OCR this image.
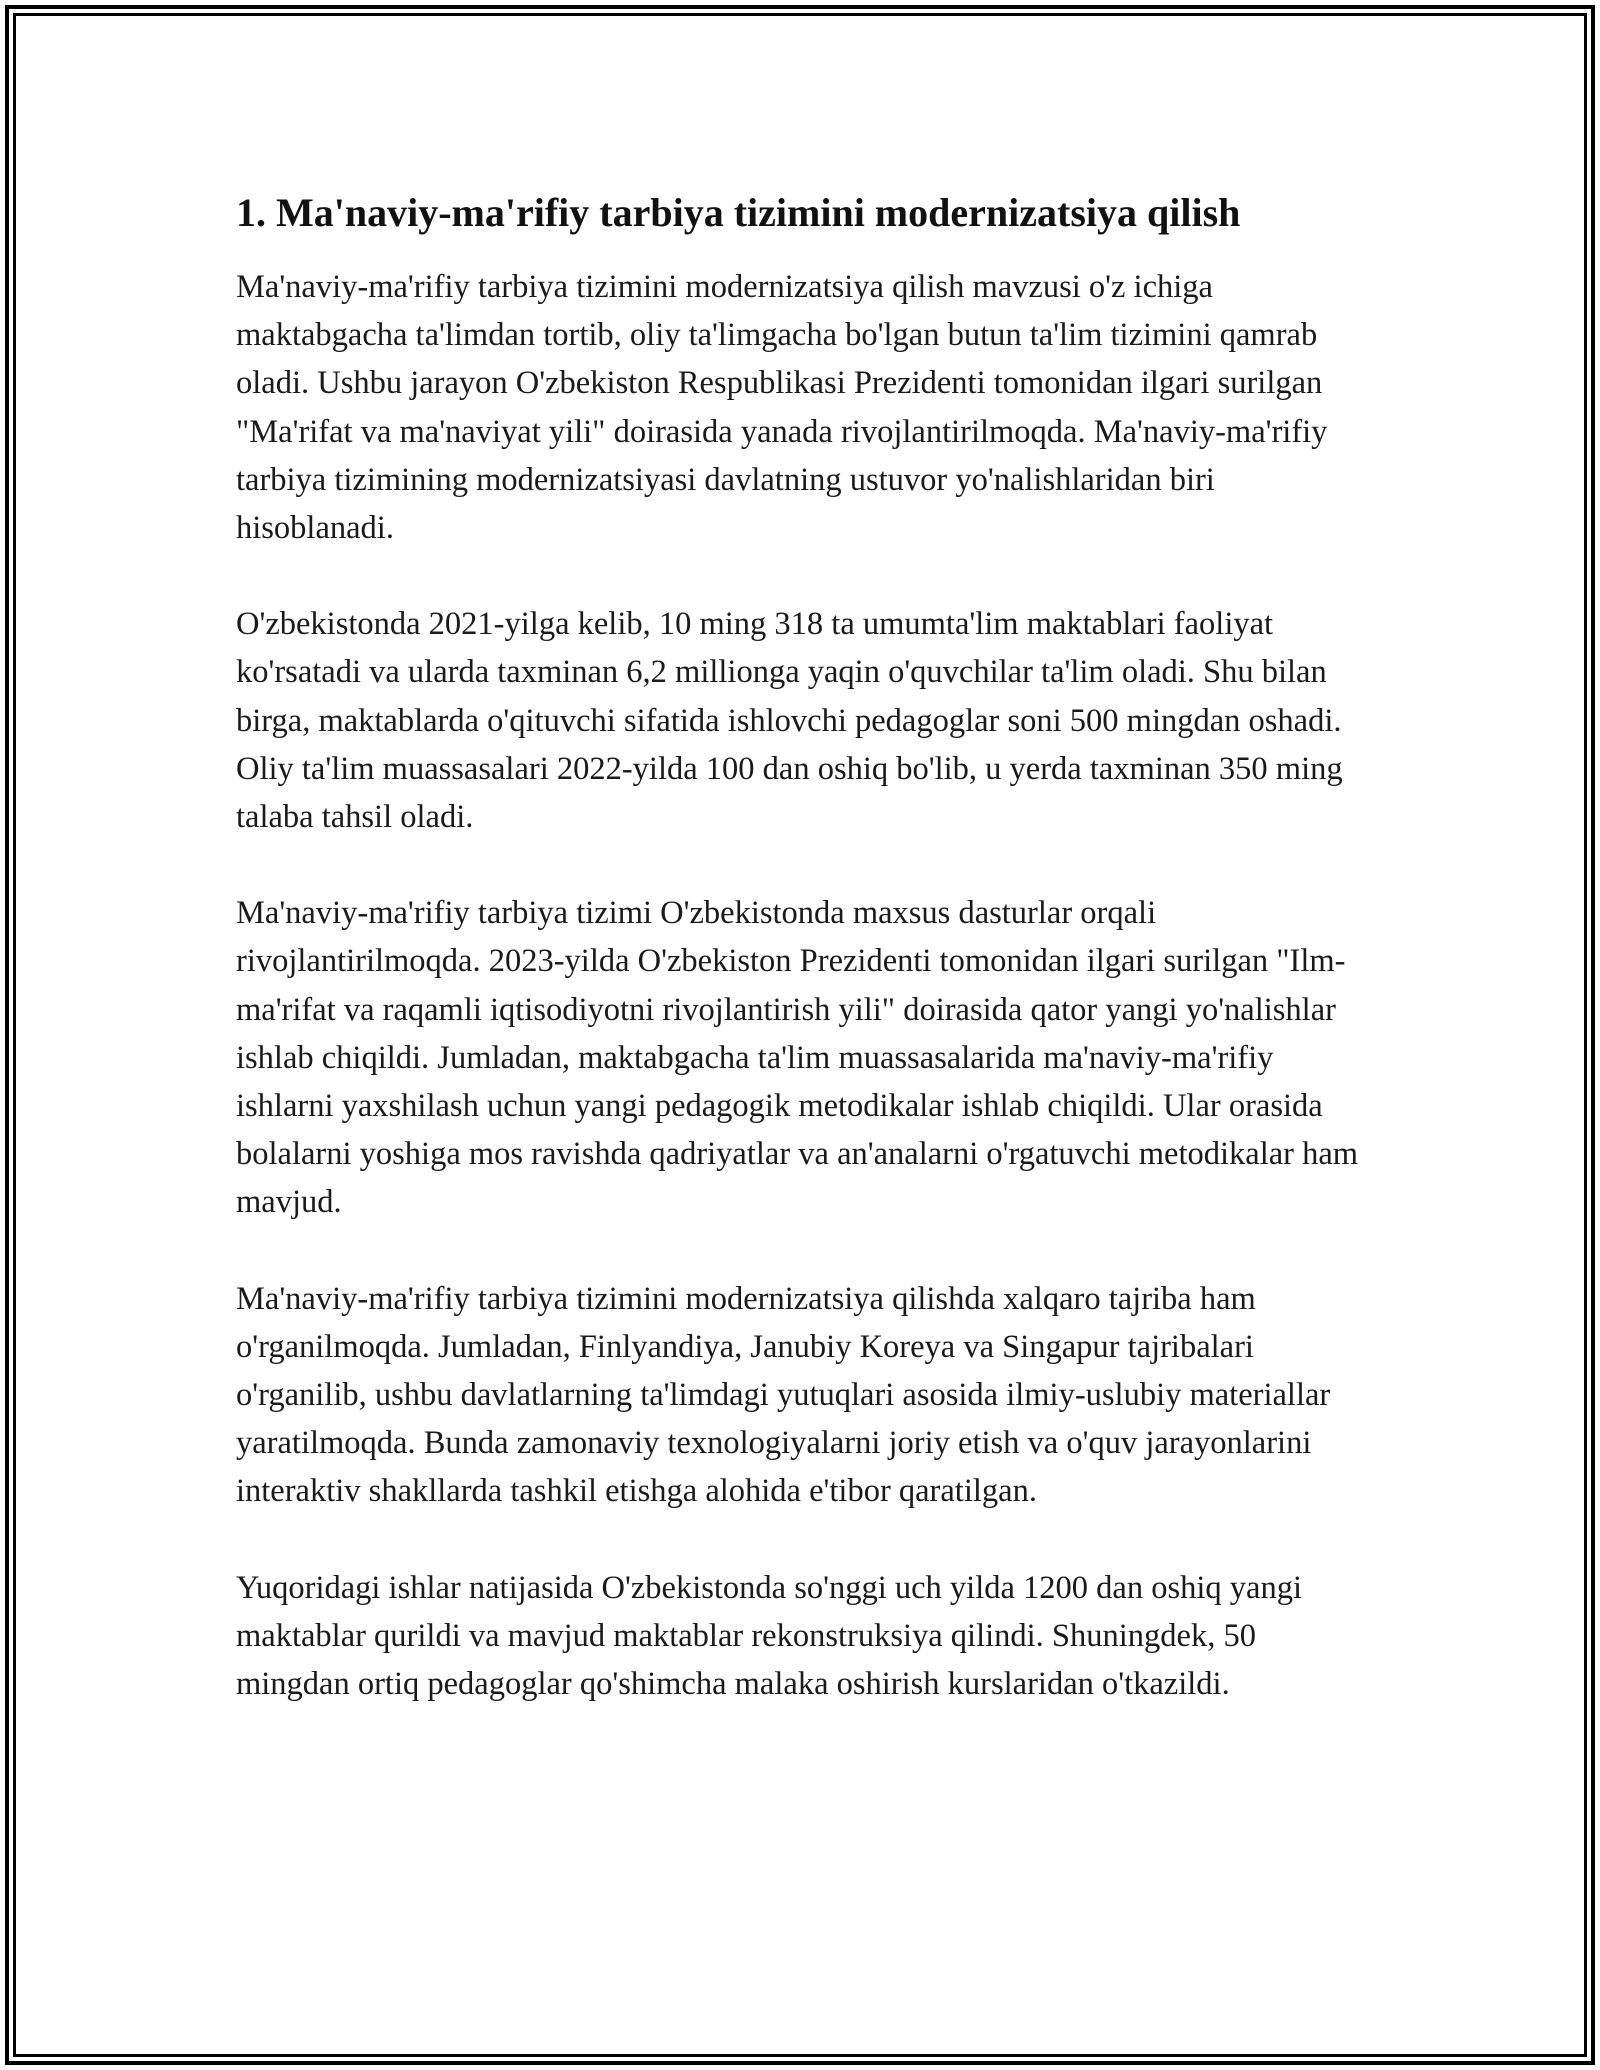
1. Ma'naviy-ma'rifiy tarbiya tizimini modernizatsiya qilish

Ma'naviy-ma'rifiy tarbiya tizimini modernizatsiya qilish mavzusi o'z ichiga maktabgacha ta'limdan tortib, oliy ta'limgacha bo'lgan butun ta'lim tizimini qamrab oladi. Ushbu jarayon O'zbekiston Respublikasi Prezidenti tomonidan ilgari surilgan "Ma'rifat va ma'naviyat yili" doirasida yanada rivojlantirilmoqda. Ma'naviy-ma'rifiy tarbiya tizimining modernizatsiyasi davlatning ustuvor yo'nalishlaridan biri hisoblanadi.

O'zbekistonda 2021-yilga kelib, 10 ming 318 ta umumta'lim maktablari faoliyat ko'rsatadi va ularda taxminan 6,2 millionga yaqin o'quvchilar ta'lim oladi. Shu bilan birga, maktablarda o'qituvchi sifatida ishlovchi pedagoglar soni 500 mingdan oshadi. Oliy ta'lim muassasalari 2022-yilda 100 dan oshiq bo'lib, u yerda taxminan 350 ming talaba tahsil oladi.

Ma'naviy-ma'rifiy tarbiya tizimi O'zbekistonda maxsus dasturlar orqali rivojlantirilmoqda. 2023-yilda O'zbekiston Prezidenti tomonidan ilgari surilgan "Ilm-ma'rifat va raqamli iqtisodiyotni rivojlantirish yili" doirasida qator yangi yo'nalishlar ishlab chiqildi. Jumladan, maktabgacha ta'lim muassasalarida ma'naviy-ma'rifiy ishlarni yaxshilash uchun yangi pedagogik metodikalar ishlab chiqildi. Ular orasida bolalarni yoshiga mos ravishda qadriyatlar va an'analarni o'rgatuvchi metodikalar ham mavjud.

Ma'naviy-ma'rifiy tarbiya tizimini modernizatsiya qilishda xalqaro tajriba ham o'rganilmoqda. Jumladan, Finlyandiya, Janubiy Koreya va Singapur tajribalari o'rganilib, ushbu davlatlarning ta'limdagi yutuqlari asosida ilmiy-uslubiy materiallar yaratilmoqda. Bunda zamonaviy texnologiyalarni joriy etish va o'quv jarayonlarini interaktiv shakllarda tashkil etishga alohida e'tibor qaratilgan.

Yuqoridagi ishlar natijasida O'zbekistonda so'nggi uch yilda 1200 dan oshiq yangi maktablar qurildi va mavjud maktablar rekonstruksiya qilindi. Shuningdek, 50 mingdan ortiq pedagoglar qo'shimcha malaka oshirish kurslaridan o'tkazildi.
